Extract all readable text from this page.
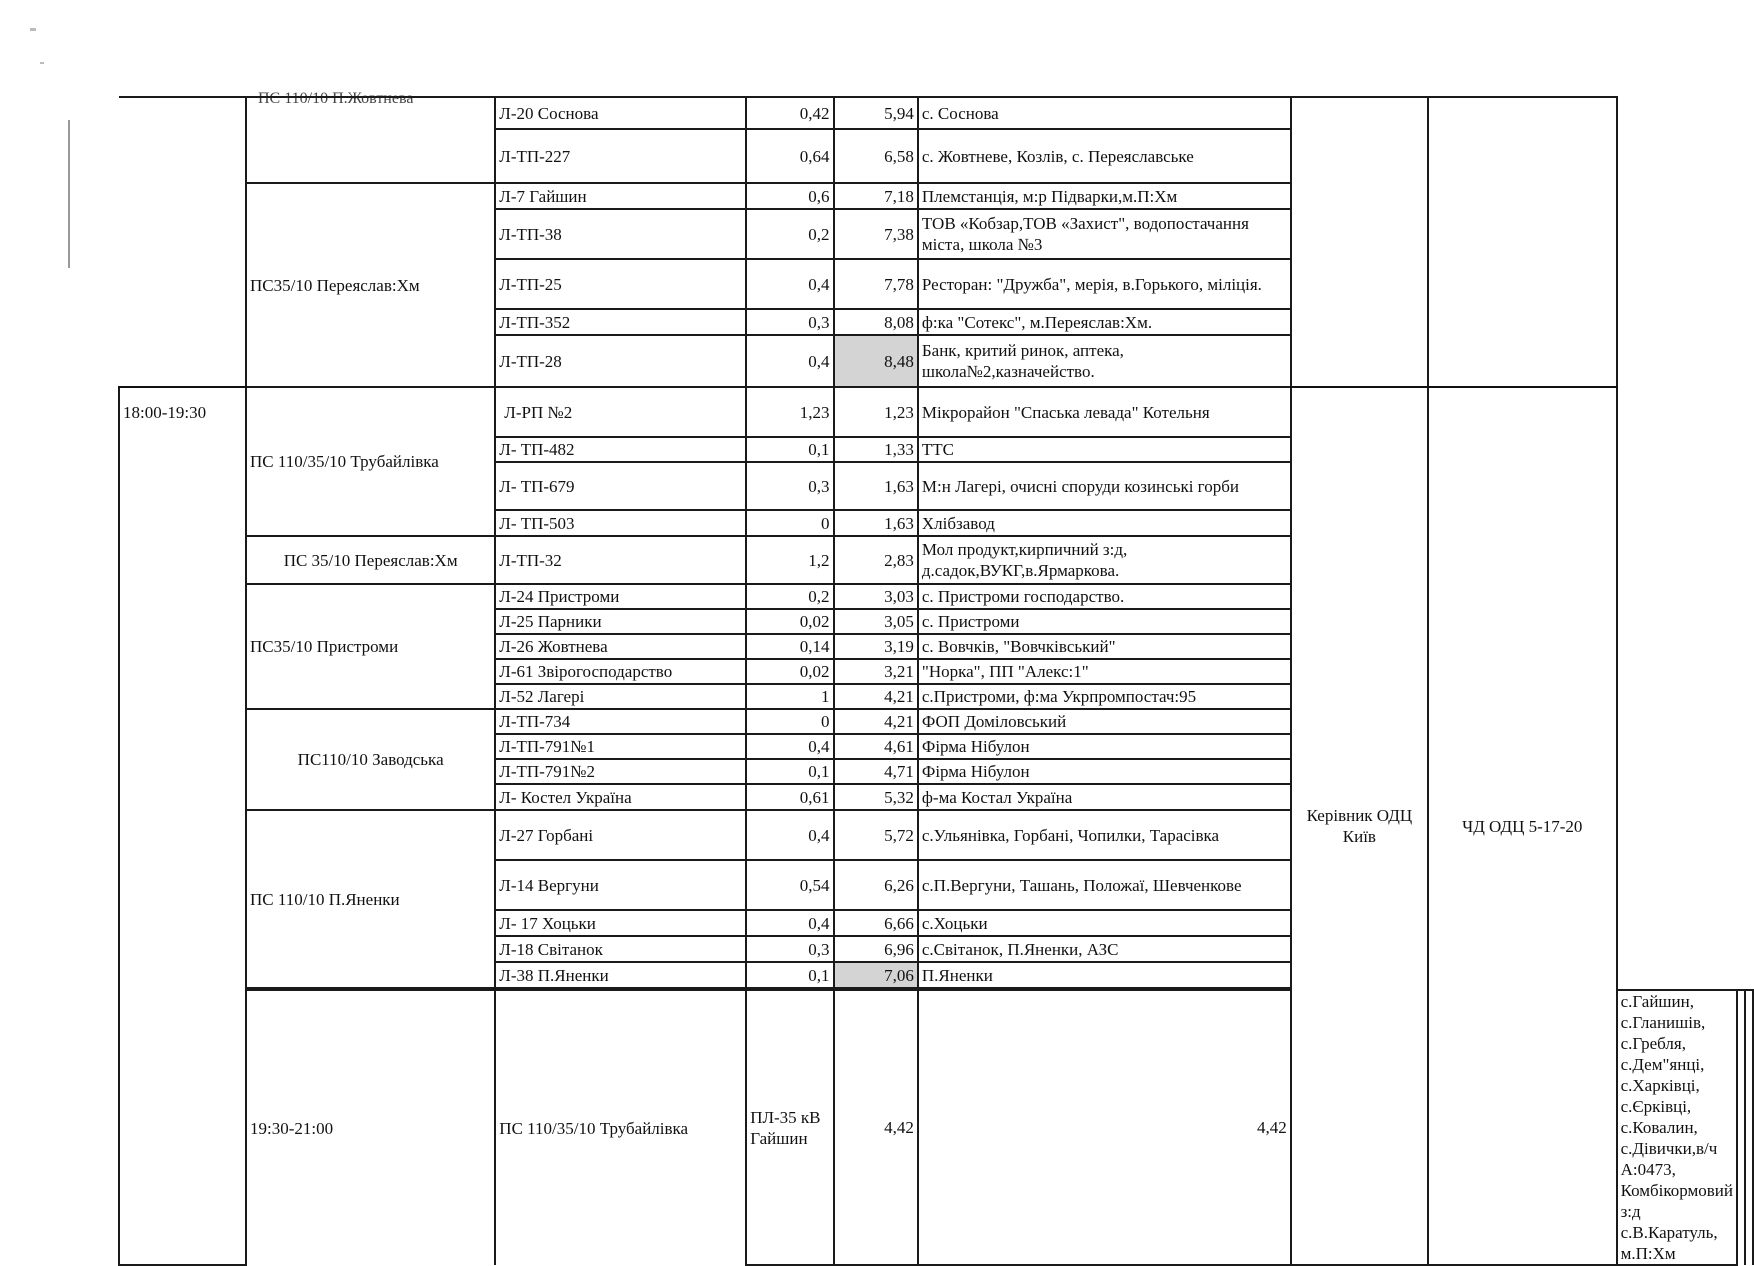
ПС 110/10 П.Жовтнева
		Л-20 Соснова	0,42	5,94	с. Соснова					
		Л-ТП-227	0,64	6,58	с. Жовтневе, Козлів, с. Переяславське					
	ПС35/10 Переяслав:Хм	Л-7 Гайшин	0,6	7,18	Племстанція, м:р Підварки,м.П:Хм					
		Л-ТП-38	0,2	7,38	ТОВ «Кобзар,ТОВ «Захист", водопостачання міста, школа №3					
		Л-ТП-25	0,4	7,78	Ресторан: "Дружба", мерія, в.Горького, міліція.					
		Л-ТП-352	0,3	8,08	ф:ка "Сотекс", м.Переяслав:Хм.					
		Л-ТП-28	0,4	8,48	Банк, критий ринок, аптека, школа№2,казначейство.					
18:00-19:30	ПС 110/35/10 Трубайлівка	Л-РП №2	1,23	1,23	Мікрорайон "Спаська левада" Котельня	Керівник ОДЦ Київ	ЧД ОДЦ 5-17-20			
		Л- ТП-482	0,1	1,33	ТТС					
		Л- ТП-679	0,3	1,63	М:н Лагері, очисні споруди козинські горби					
		Л- ТП-503	0	1,63	Хлібзавод					
	ПС 35/10 Переяслав:Хм	Л-ТП-32	1,2	2,83	Мол продукт,кирпичний з:д, д.садок,ВУКГ,в.Ярмаркова.					
	ПС35/10 Пристроми	Л-24 Пристроми	0,2	3,03	с. Пристроми господарство.					
		Л-25 Парники	0,02	3,05	с. Пристроми					
		Л-26 Жовтнева	0,14	3,19	с. Вовчків, "Вовчківський"					
		Л-61 Звірогосподарство	0,02	3,21	"Норка", ПП "Алекс:1"					
		Л-52 Лагері	1	4,21	с.Пристроми, ф:ма Укрпромпостач:95					
	ПС110/10 Заводська	Л-ТП-734	0	4,21	ФОП Доміловський					
		Л-ТП-791№1	0,4	4,61	Фірма Нібулон					
		Л-ТП-791№2	0,1	4,71	Фірма Нібулон					
		Л- Костел Україна	0,61	5,32	ф-ма Костал Україна					
	ПС 110/10 П.Яненки	Л-27 Горбані	0,4	5,72	с.Ульянівка, Горбані, Чопилки, Тарасівка					
		Л-14 Вергуни	0,54	6,26	с.П.Вергуни, Ташань, Положаї, Шевченкове					
		Л- 17 Хоцьки	0,4	6,66	с.Хоцьки					
		Л-18 Світанок	0,3	6,96	с.Світанок, П.Яненки, АЗС					
		Л-38 П.Яненки	0,1	7,06	П.Яненки					

	19:30-21:00	ПС 110/35/10 Трубайлівка	ПЛ-35 кВ Гайшин	4,42	4,42			с.Гайшин, с.Гланишів, с.Гребля, с.Дем"янці, с.Харківці, с.Єрківці, с.Ковалин, с.Дівички,в/ч А:0473, Комбікормовий з:д с.В.Каратуль, м.П:Хм		
